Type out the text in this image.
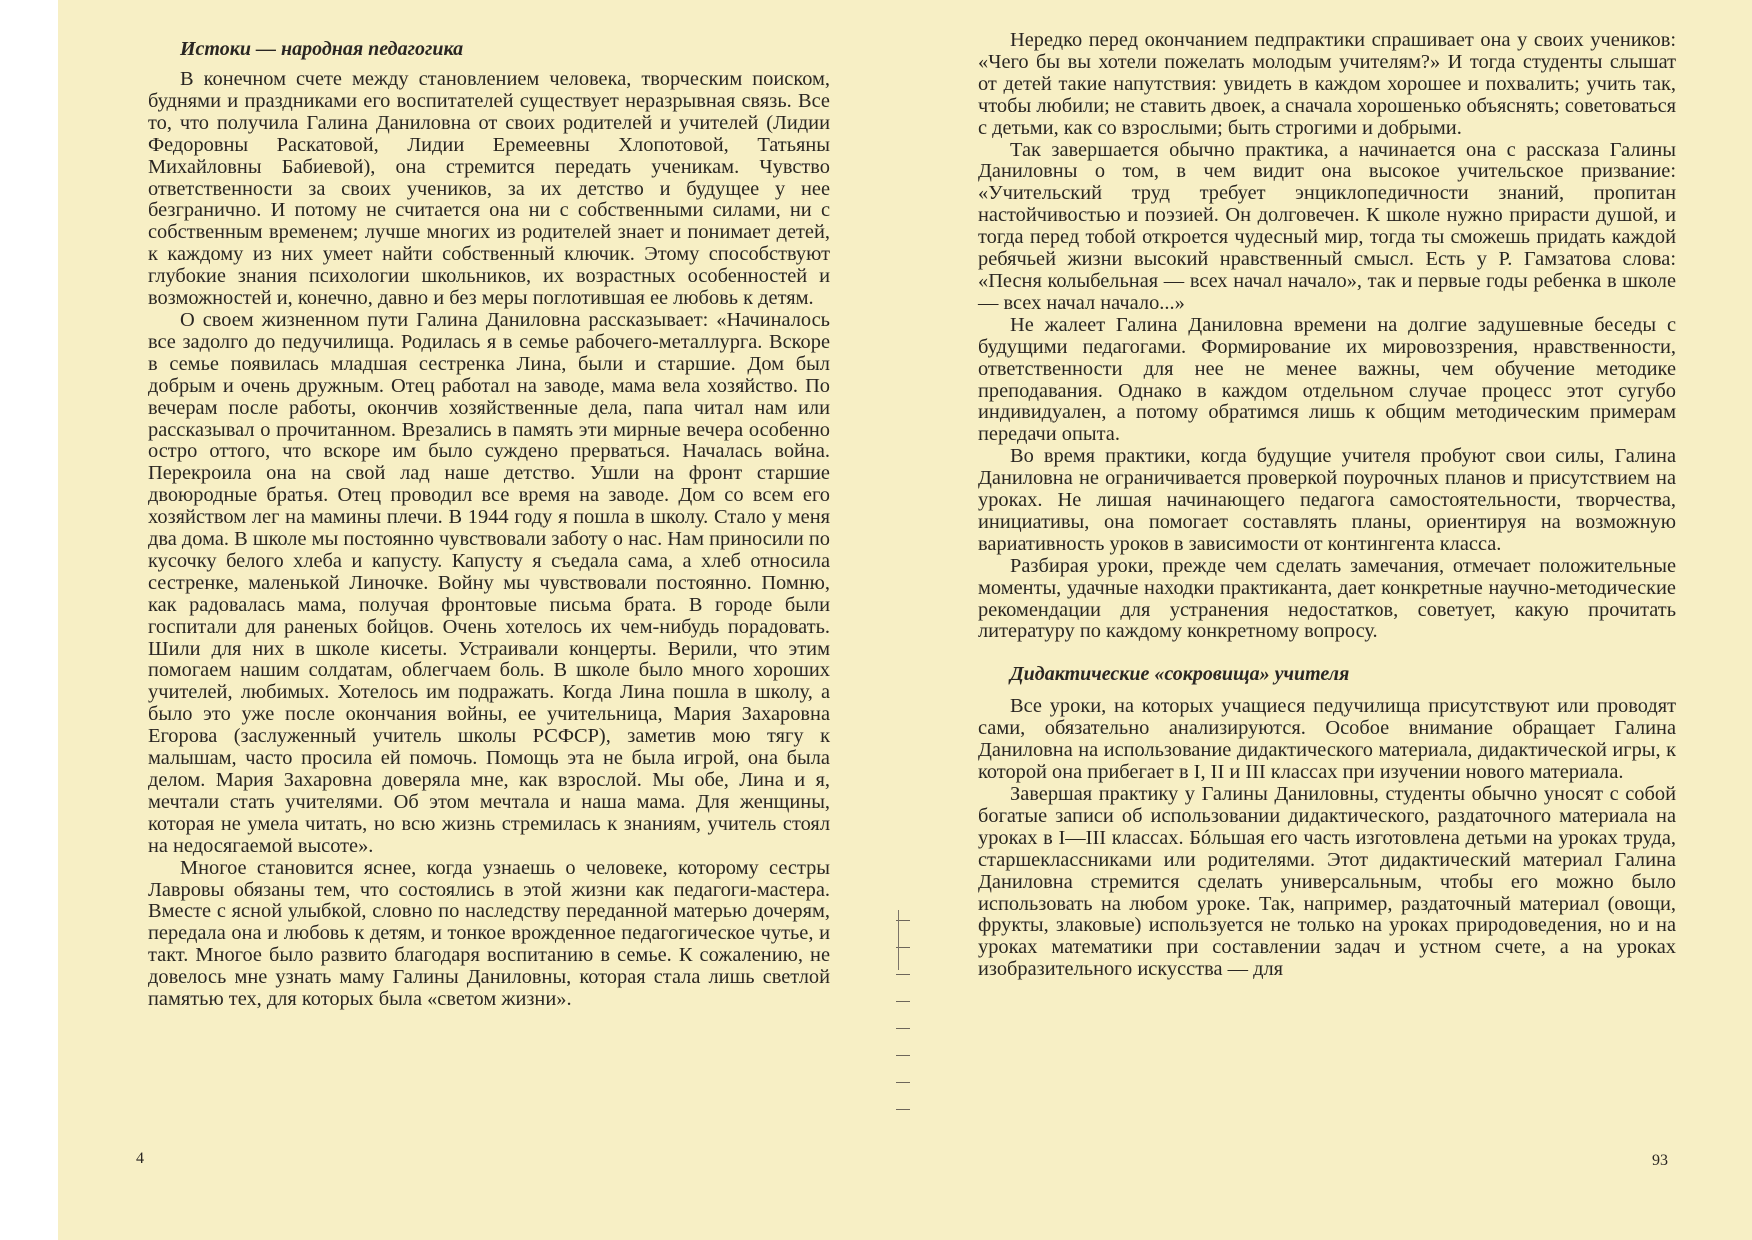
Истоки — народная педагогика

В конечном счете между становлением человека, творческим поиском, буднями и праздниками его воспитателей существует неразрывная связь. Все то, что получила Галина Даниловна от своих родителей и учителей (Лидии Федоровны Раскатовой, Лидии Еремеевны Хлопотовой, Татьяны Михайловны Бабиевой), она стремится передать ученикам. Чувство ответственности за своих учеников, за их детство и будущее у нее безгранично. И потому не считается она ни с собственными силами, ни с собственным временем; лучше многих из родителей знает и понимает детей, к каждому из них умеет найти собственный ключик. Этому способствуют глубокие знания психологии школьников, их возрастных особенностей и возможностей и, конечно, давно и без меры поглотившая ее любовь к детям.

О своем жизненном пути Галина Даниловна рассказывает: «Начиналось все задолго до педучилища. Родилась я в семье рабочего-металлурга. Вскоре в семье появилась младшая сестренка Лина, были и старшие. Дом был добрым и очень дружным. Отец работал на заводе, мама вела хозяйство. По вечерам после работы, окончив хозяйственные дела, папа читал нам или рассказывал о прочитанном. Врезались в память эти мирные вечера особенно остро оттого, что вскоре им было суждено прерваться. Началась война. Перекроила она на свой лад наше детство. Ушли на фронт старшие двоюродные братья. Отец проводил все время на заводе. Дом со всем его хозяйством лег на мамины плечи. В 1944 году я пошла в школу. Стало у меня два дома. В школе мы постоянно чувствовали заботу о нас. Нам приносили по кусочку белого хлеба и капусту. Капусту я съедала сама, а хлеб относила сестренке, маленькой Линочке. Войну мы чувствовали постоянно. Помню, как радовалась мама, получая фронтовые письма брата. В городе были госпитали для раненых бойцов. Очень хотелось их чем-нибудь порадовать. Шили для них в школе кисеты. Устраивали концерты. Верили, что этим помогаем нашим солдатам, облегчаем боль. В школе было много хороших учителей, любимых. Хотелось им подражать. Когда Лина пошла в школу, а было это уже после окончания войны, ее учительница, Мария Захаровна Егорова (заслуженный учитель школы РСФСР), заметив мою тягу к малышам, часто просила ей помочь. Помощь эта не была игрой, она была делом. Мария Захаровна доверяла мне, как взрослой. Мы обе, Лина и я, мечтали стать учителями. Об этом мечтала и наша мама. Для женщины, которая не умела читать, но всю жизнь стремилась к знаниям, учитель стоял на недосягаемой высоте».

Многое становится яснее, когда узнаешь о человеке, которому сестры Лавровы обязаны тем, что состоялись в этой жизни как педагоги-мастера. Вместе с ясной улыбкой, словно по наследству переданной матерью дочерям, передала она и любовь к детям, и тонкое врожденное педагогическое чутье, и такт. Многое было развито благодаря воспитанию в семье. К сожалению, не довелось мне узнать маму Галины Даниловны, которая стала лишь светлой памятью тех, для которых была «светом жизни».

4

Нередко перед окончанием педпрактики спрашивает она у своих учеников: «Чего бы вы хотели пожелать молодым учителям?» И тогда студенты слышат от детей такие напутствия: увидеть в каждом хорошее и похвалить; учить так, чтобы любили; не ставить двоек, а сначала хорошенько объяснять; советоваться с детьми, как со взрослыми; быть строгими и добрыми.

Так завершается обычно практика, а начинается она с рассказа Галины Даниловны о том, в чем видит она высокое учительское призвание: «Учительский труд требует энциклопедичности знаний, пропитан настойчивостью и поэзией. Он долговечен. К школе нужно прирасти душой, и тогда перед тобой откроется чудесный мир, тогда ты сможешь придать каждой ребячьей жизни высокий нравственный смысл. Есть у Р. Гамзатова слова: «Песня колыбельная — всех начал начало», так и первые годы ребенка в школе — всех начал начало...»

Не жалеет Галина Даниловна времени на долгие задушевные беседы с будущими педагогами. Формирование их мировоззрения, нравственности, ответственности для нее не менее важны, чем обучение методике преподавания. Однако в каждом отдельном случае процесс этот сугубо индивидуален, а потому обратимся лишь к общим методическим примерам передачи опыта.

Во время практики, когда будущие учителя пробуют свои силы, Галина Даниловна не ограничивается проверкой поурочных планов и присутствием на уроках. Не лишая начинающего педагога самостоятельности, творчества, инициативы, она помогает составлять планы, ориентируя на возможную вариативность уроков в зависимости от контингента класса.

Разбирая уроки, прежде чем сделать замечания, отмечает положительные моменты, удачные находки практиканта, дает конкретные научно-методические рекомендации для устранения недостатков, советует, какую прочитать литературу по каждому конкретному вопросу.

Дидактические «сокровища» учителя

Все уроки, на которых учащиеся педучилища присутствуют или проводят сами, обязательно анализируются. Особое внимание обращает Галина Даниловна на использование дидактического материала, дидактической игры, к которой она прибегает в I, II и III классах при изучении нового материала.

Завершая практику у Галины Даниловны, студенты обычно уносят с собой богатые записи об использовании дидактического, раздаточного материала на уроках в I—III классах. Бóльшая его часть изготовлена детьми на уроках труда, старшеклассниками или родителями. Этот дидактический материал Галина Даниловна стремится сделать универсальным, чтобы его можно было использовать на любом уроке. Так, например, раздаточный материал (овощи, фрукты, злаковые) используется не только на уроках природоведения, но и на уроках математики при составлении задач и устном счете, а на уроках изобразительного искусства — для

93
